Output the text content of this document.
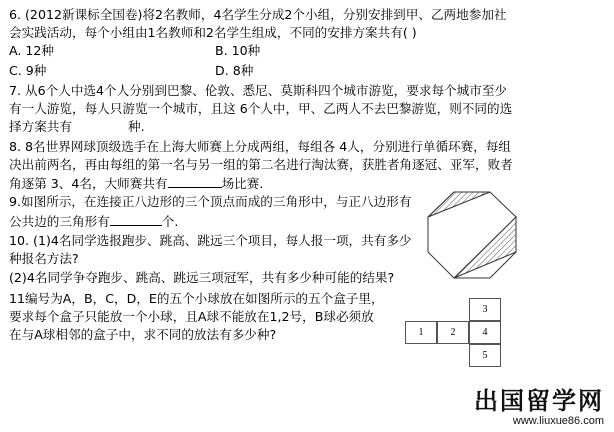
6. (2012新课标全国卷)将2名教师，4名学生分成2个小组，分别安排到甲、乙两地参加社
会实践活动，每个小组由1名教师和2名学生组成，不同的安排方案共有( )
A. 12种	B. 10种
C. 9种	D. 8种
7. 从6个人中选4个人分别到巴黎、伦敦、悉尼、莫斯科四个城市游览，要求每个城市至少
有一人游览，每人只游览一个城市，且这 6个人中，甲、乙两人不去巴黎游览，则不同的选
择方案共有	种.
8. 8名世界网球顶级选手在上海大师赛上分成两组，每组各 4人，分别进行单循环赛，每组
决出前两名，再由每组的第一名与另一组的第二名进行淘汰赛，获胜者角逐冠、亚军，败者
角逐第 3、4名，大师赛共有	场比赛.
9.如图所示，在连接正八边形的三个顶点而成的三角形中，与正八边形有
公共边的三角形有	个.
10. (1)4名同学选报跑步、跳高、跳远三个项目，每人报一项，共有多少
种报名方法?
(2)4名同学争夺跑步、跳高、跳远三项冠军，共有多少种可能的结果?
11编号为A，B，C，D，E的五个小球放在如图所示的五个盒子里，
要求每个盒子只能放一个小球，且A球不能放在1,2号，B球必须放
在与A球相邻的盒子中，求不同的放法有多少种?
3
1	2	4
5
出国留学网
www.liuxue86.com
